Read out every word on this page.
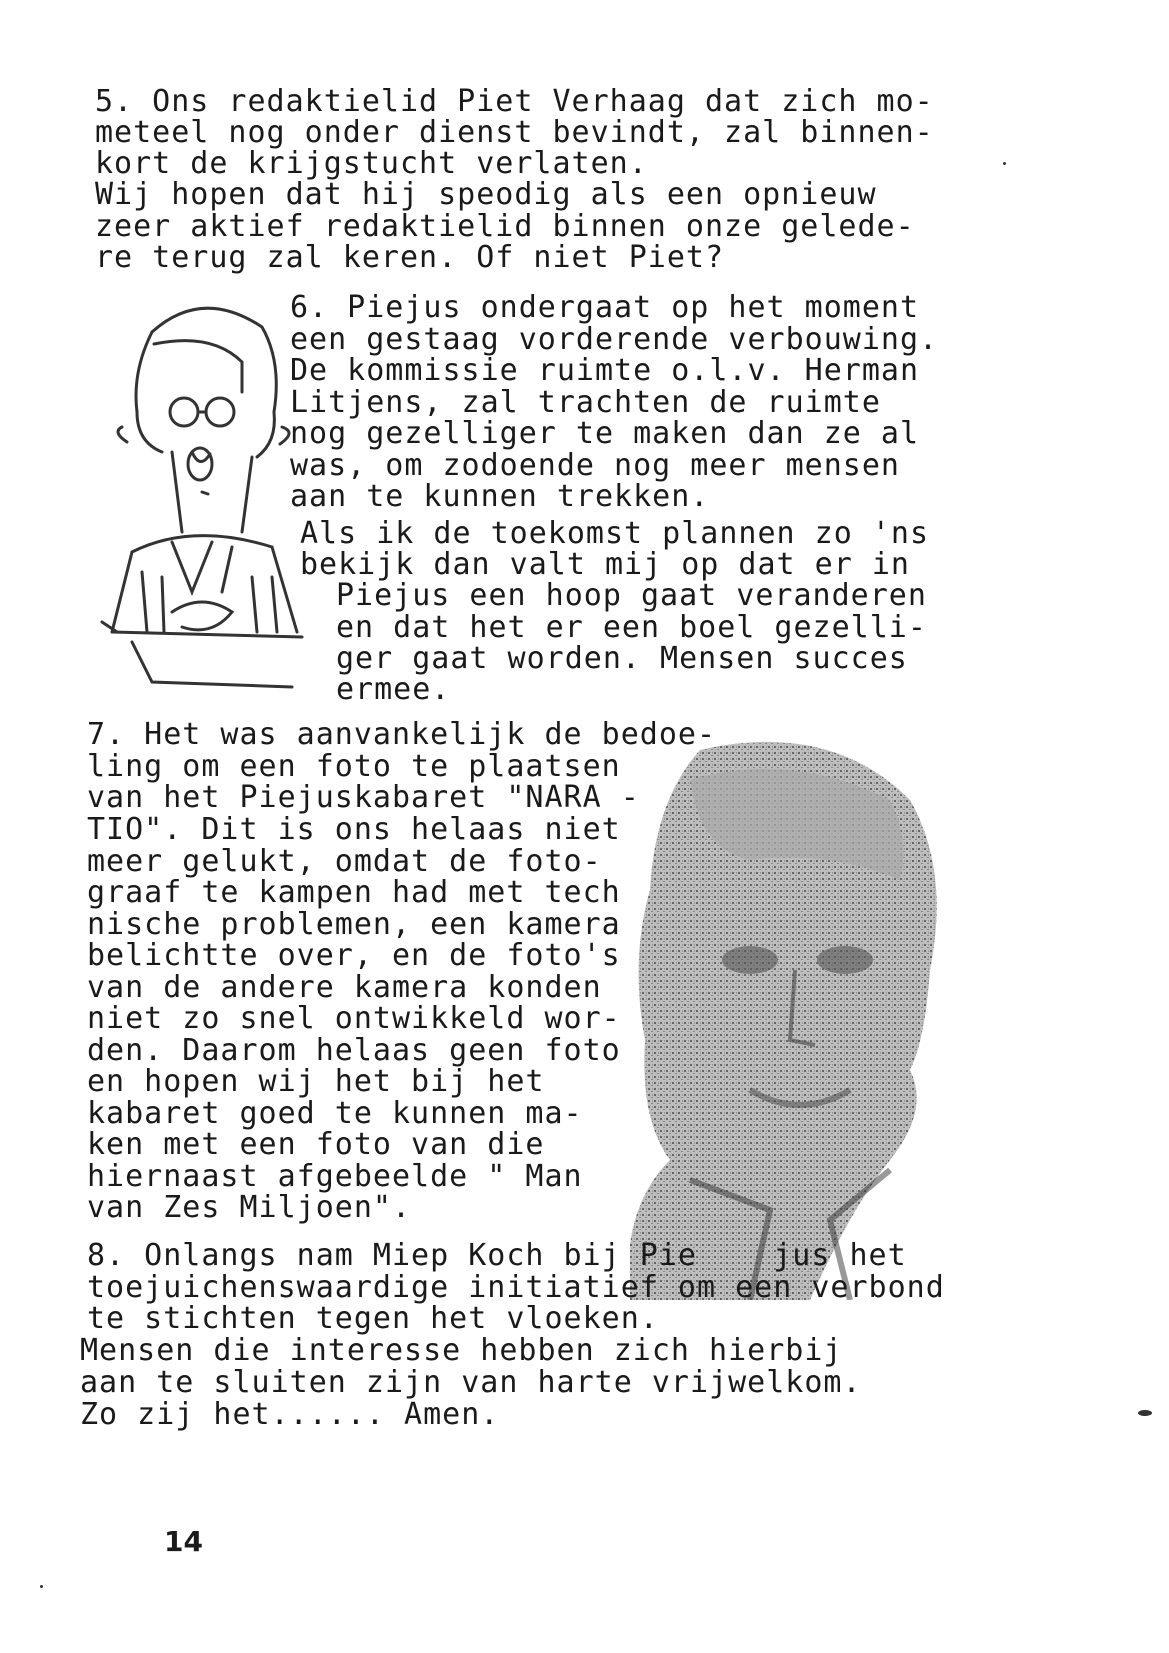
5. Ons redaktielid Piet Verhaag dat zich mo-
meteel nog onder dienst bevindt, zal binnen-
kort de krijgstucht verlaten.
Wij hopen dat hij speodig als een opnieuw
zeer aktief redaktielid binnen onze gelede-
re terug zal keren. Of niet Piet?
6. Piejus ondergaat op het moment
een gestaag vorderende verbouwing.
De kommissie ruimte o.l.v. Herman
Litjens, zal trachten de ruimte
nog gezelliger te maken dan ze al
was, om zodoende nog meer mensen
aan te kunnen trekken.
Als ik de toekomst plannen zo 'ns
bekijk dan valt mij op dat er in
Piejus een hoop gaat veranderen
en dat het er een boel gezelli-
ger gaat worden. Mensen succes
ermee.
7. Het was aanvankelijk de bedoe-
ling om een foto te plaatsen
van het Piejuskabaret "NARA -
TIO". Dit is ons helaas niet
meer gelukt, omdat de foto-
graaf te kampen had met tech
nische problemen, een kamera
belichtte over, en de foto's
van de andere kamera konden
niet zo snel ontwikkeld wor-
den. Daarom helaas geen foto
en hopen wij het bij het
kabaret goed te kunnen ma-
ken met een foto van die
hiernaast afgebeelde " Man
van Zes Miljoen".
8. Onlangs nam Miep Koch bij Pie    jus het
toejuichenswaardige initiatief om een verbond
te stichten tegen het vloeken.
Mensen die interesse hebben zich hierbij
aan te sluiten zijn van harte vrijwelkom.
Zo zij het...... Amen.
14
